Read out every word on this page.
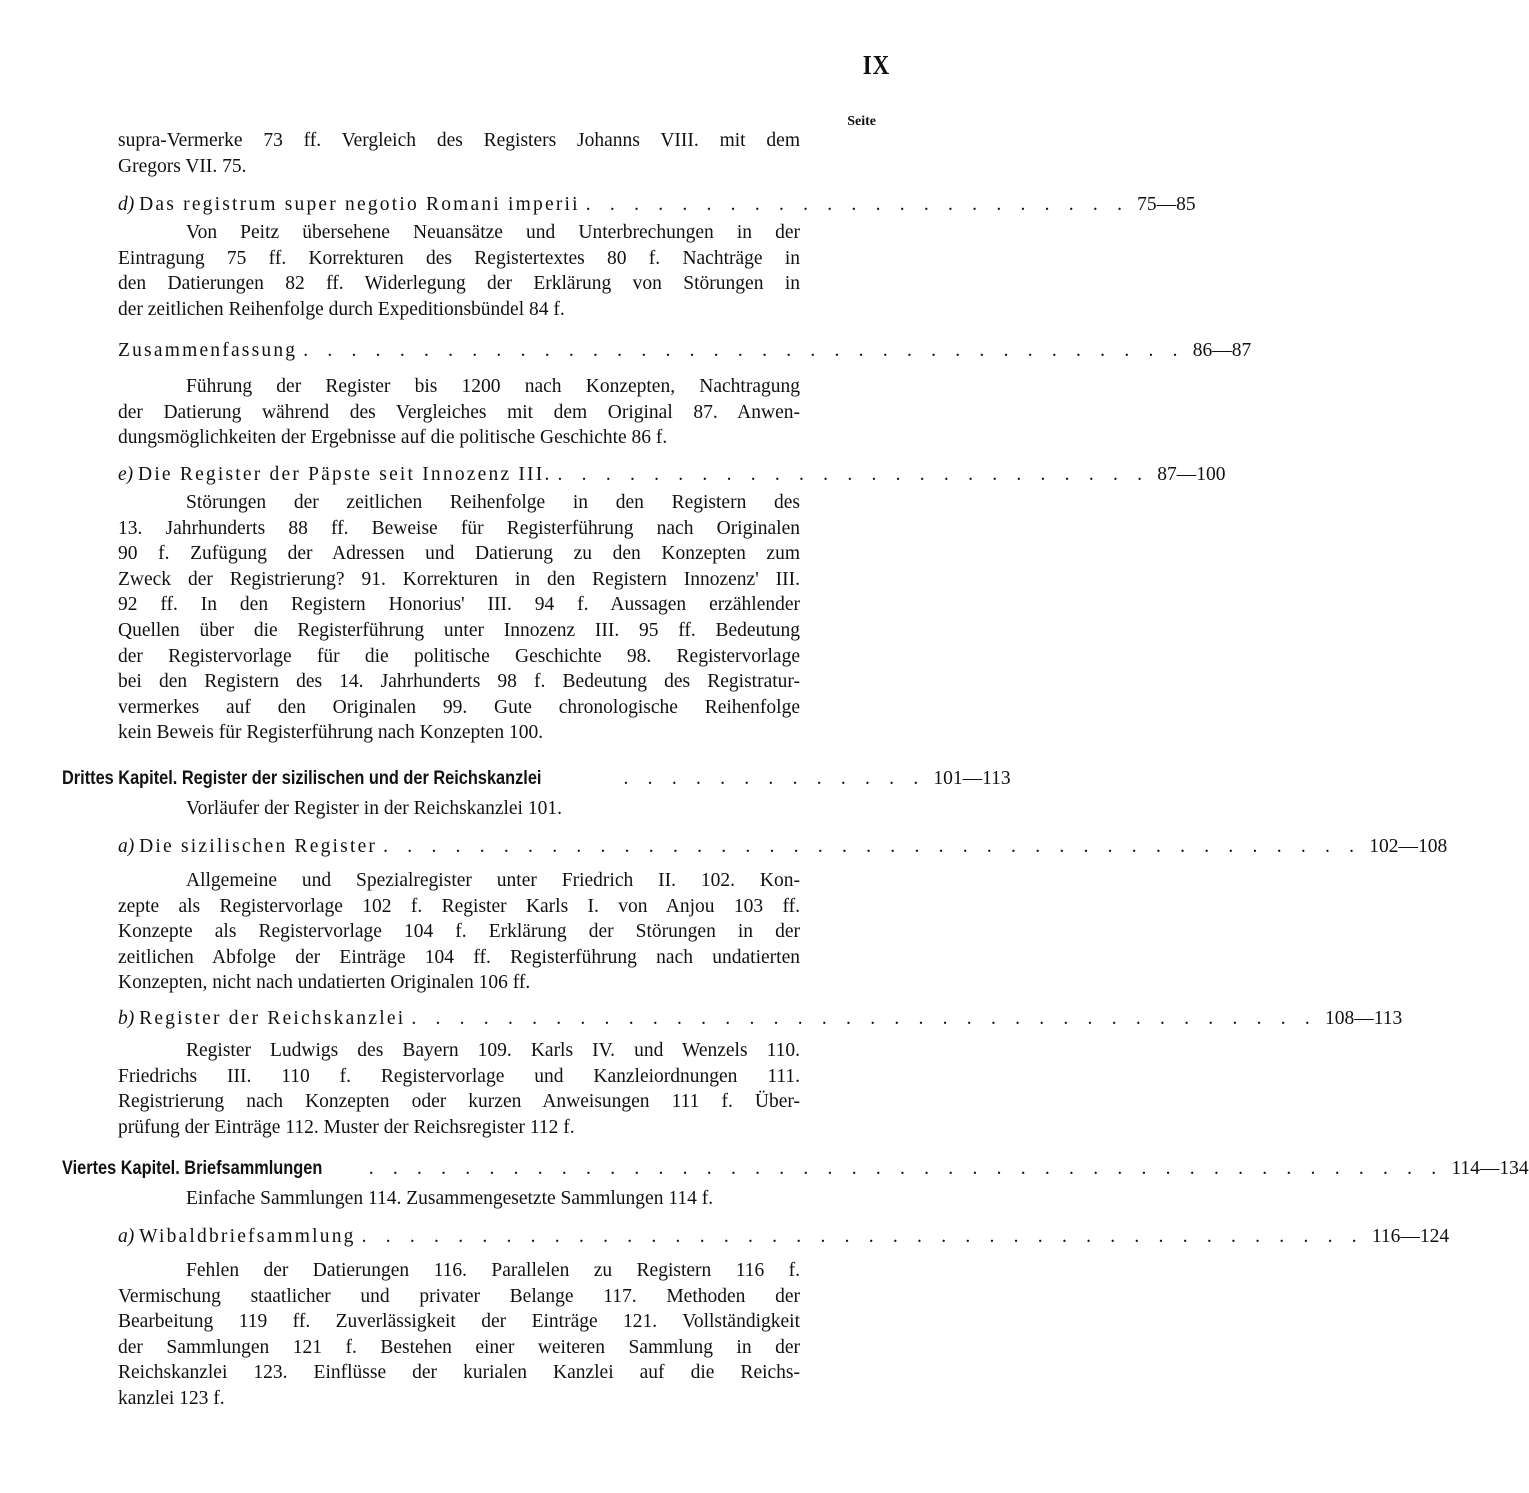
IX
Seite
supra-Vermerke 73 ff. Vergleich des Registers Johanns VIII. mit dem
Gregors VII. 75.
d) Das registrum super negotio Romani imperii . . . . . . . . . . . . . . . . . . . . . . . 75—85
Von Peitz übersehene Neuansätze und Unterbrechungen in der
Eintragung 75 ff. Korrekturen des Registertextes 80 f. Nachträge in
den Datierungen 82 ff. Widerlegung der Erklärung von Störungen in
der zeitlichen Reihenfolge durch Expeditionsbündel 84 f.
Zusammenfassung . . . . . . . . . . . . . . . . . . . . . . . . . . . . . . . . . . . . . 86—87
Führung der Register bis 1200 nach Konzepten, Nachtragung
der Datierung während des Vergleiches mit dem Original 87. Anwen-
dungsmöglichkeiten der Ergebnisse auf die politische Geschichte 86 f.
e) Die Register der Päpste seit Innozenz III. . . . . . . . . . . . . . . . . . . . . . . . . . 87—100
Störungen der zeitlichen Reihenfolge in den Registern des
13. Jahrhunderts 88 ff. Beweise für Registerführung nach Originalen
90 f. Zufügung der Adressen und Datierung zu den Konzepten zum
Zweck der Registrierung? 91. Korrekturen in den Registern Innozenz' III.
92 ff. In den Registern Honorius' III. 94 f. Aussagen erzählender
Quellen über die Registerführung unter Innozenz III. 95 ff. Bedeutung
der Registervorlage für die politische Geschichte 98. Registervorlage
bei den Registern des 14. Jahrhunderts 98 f. Bedeutung des Registratur-
vermerkes auf den Originalen 99. Gute chronologische Reihenfolge
kein Beweis für Registerführung nach Konzepten 100.
Drittes Kapitel. Register der sizilischen und der Reichskanzlei	. . . . . . . . . . . . . 101—113
Vorläufer der Register in der Reichskanzlei 101.
a) Die sizilischen Register . . . . . . . . . . . . . . . . . . . . . . . . . . . . . . . . . . . . . . . . . 102—108
Allgemeine und Spezialregister unter Friedrich II. 102. Kon-
zepte als Registervorlage 102 f. Register Karls I. von Anjou 103 ff.
Konzepte als Registervorlage 104 f. Erklärung der Störungen in der
zeitlichen Abfolge der Einträge 104 ff. Registerführung nach undatierten
Konzepten, nicht nach undatierten Originalen 106 ff.
b) Register der Reichskanzlei . . . . . . . . . . . . . . . . . . . . . . . . . . . . . . . . . . . . . . 108—113
Register Ludwigs des Bayern 109. Karls IV. und Wenzels 110.
Friedrichs III. 110 f. Registervorlage und Kanzleiordnungen 111.
Registrierung nach Konzepten oder kurzen Anweisungen 111 f. Über-
prüfung der Einträge 112. Muster der Reichsregister 112 f.
Viertes Kapitel. Briefsammlungen	. . . . . . . . . . . . . . . . . . . . . . . . . . . . . . . . . . . . . . . . . . . . . 114—134
Einfache Sammlungen 114. Zusammengesetzte Sammlungen 114 f.
a) Wibaldbriefsammlung . . . . . . . . . . . . . . . . . . . . . . . . . . . . . . . . . . . . . . . . . . 116—124
Fehlen der Datierungen 116. Parallelen zu Registern 116 f.
Vermischung staatlicher und privater Belange 117. Methoden der
Bearbeitung 119 ff. Zuverlässigkeit der Einträge 121. Vollständigkeit
der Sammlungen 121 f. Bestehen einer weiteren Sammlung in der
Reichskanzlei 123. Einflüsse der kurialen Kanzlei auf die Reichs-
kanzlei 123 f.
